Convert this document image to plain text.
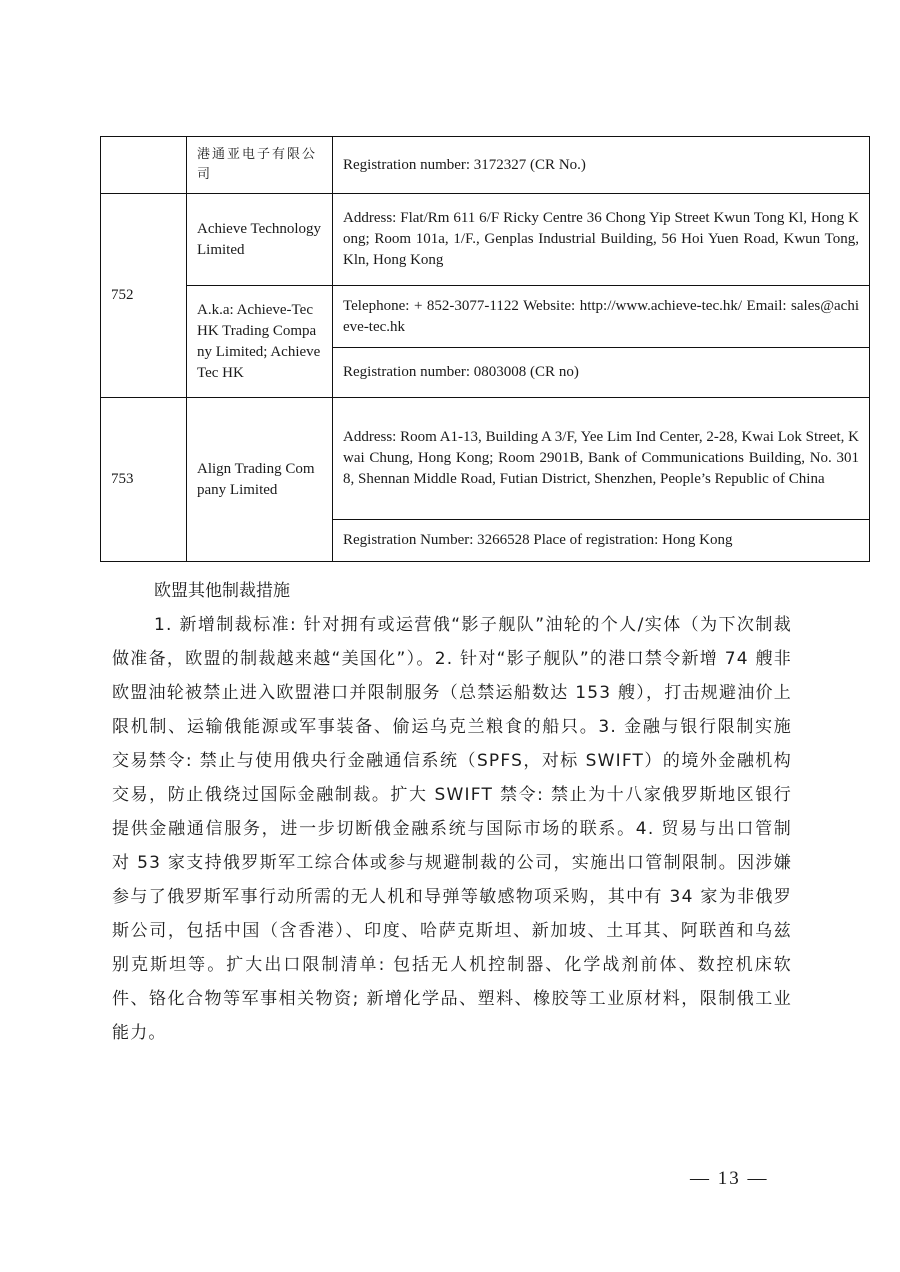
	港通亚电子有限公司	Registration number: 3172327 (CR No.)
752	Achieve Technology Limited	Address: Flat/Rm 611 6/F Ricky Centre 36 Chong Yip Street Kwun Tong Kl, Hong Kong; Room 101a, 1/F., Genplas Industrial Building, 56 Hoi Yuen Road, Kwun Tong, Kln, Hong Kong
	A.k.a: Achieve-Tec HK Trading Company Limited; Achieve Tec HK	Telephone: + 852-3077-1122 Website: http://www.achieve-tec.hk/ Email: sales@achieve-tec.hk
		Registration number: 0803008 (CR no)
753	Align Trading Company Limited	Address: Room A1-13, Building A 3/F, Yee Lim Ind Center, 2-28, Kwai Lok Street, Kwai Chung, Hong Kong; Room 2901B, Bank of Communications Building, No. 3018, Shennan Middle Road, Futian District, Shenzhen, People’s Republic of China
		Registration Number: 3266528 Place of registration: Hong Kong

欧盟其他制裁措施

1. 新增制裁标准: 针对拥有或运营俄“影子舰队”油轮的个人/实体（为下次制裁做准备，欧盟的制裁越来越“美国化”）。2. 针对“影子舰队”的港口禁令新增 74 艘非欧盟油轮被禁止进入欧盟港口并限制服务（总禁运船数达 153 艘），打击规避油价上限机制、运输俄能源或军事装备、偷运乌克兰粮食的船只。3. 金融与银行限制实施交易禁令: 禁止与使用俄央行金融通信系统（SPFS，对标 SWIFT）的境外金融机构交易，防止俄绕过国际金融制裁。扩大 SWIFT 禁令: 禁止为十八家俄罗斯地区银行提供金融通信服务，进一步切断俄金融系统与国际市场的联系。4. 贸易与出口管制对 53 家支持俄罗斯军工综合体或参与规避制裁的公司，实施出口管制限制。因涉嫌参与了俄罗斯军事行动所需的无人机和导弹等敏感物项采购，其中有 34 家为非俄罗斯公司，包括中国（含香港）、印度、哈萨克斯坦、新加坡、土耳其、阿联酋和乌兹别克斯坦等。扩大出口限制清单: 包括无人机控制器、化学战剂前体、数控机床软件、铬化合物等军事相关物资; 新增化学品、塑料、橡胶等工业原材料，限制俄工业能力。

— 13 —
